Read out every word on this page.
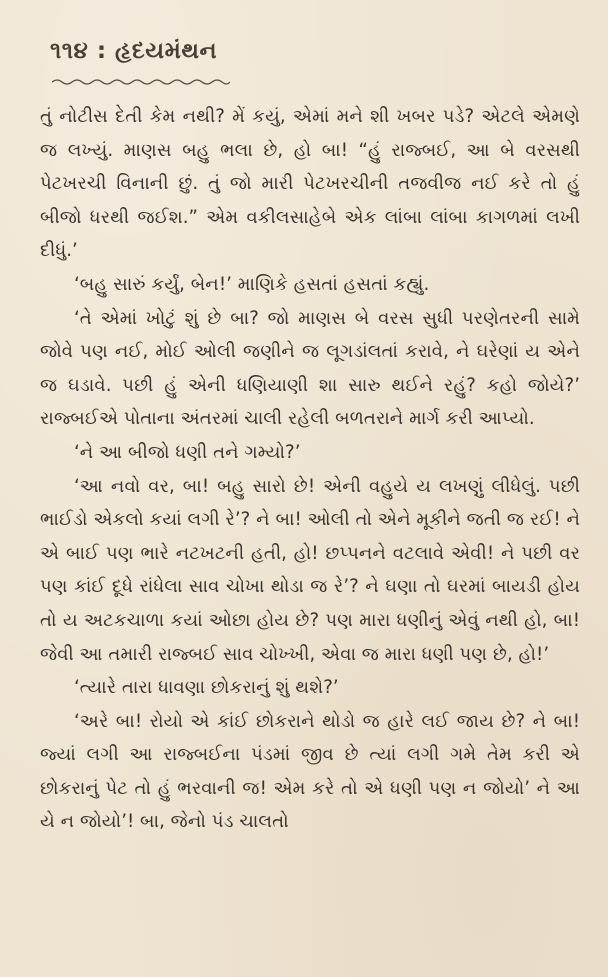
૧૧૪ : હૃદયમંથન

તું નોટીસ દેતી કેમ નથી? મેં કયું, એમાં મને શી ખબર પડે? એટલે એમણે જ લખ્યું. માણસ બહુ ભલા છે, હો બા! “હું રાજ્બઈ, આ બે વરસથી પેટખરચી વિનાની છું. તું જો મારી પેટખરચીની તજવીજ નઈ કરે તો હું બીજો ધરથી જઈશ.” એમ વકીલસાહેબે એક લાંબા લાંબા કાગળમાં લખી દીધું.’

‘બહુ સારું કર્યું, બેન!’ માણિકે હસતાં હસતાં કહ્યું.

‘તે એમાં ખોટું શું છે બા? જો માણસ બે વરસ સુધી પરણેતરની સામે જોવે પણ નઈ, મોઈ ઓલી જણીને જ લૂગડાંલતાં કરાવે, ને ઘરેણાં ય એને જ ઘડાવે. પછી હું એની ધણિયાણી શા સારુ થઈને રહું? કહો જોયે?’ રાજ્બઈએ પોતાના અંતરમાં ચાલી રહેલી બળતરાને માર્ગ કરી આપ્યો.

‘ને આ બીજો ધણી તને ગમ્યો?’

‘આ નવો વર, બા! બહુ સારો છે! એની વહુયે ય લખણું લીધેલું. પછી ભાઈડો એકલો કયાં લગી રે’? ને બા! ઓલી તો એને મૂકીને જતી જ રઈ! ને એ બાઈ પણ ભારે નટખટની હતી, હો! છપ્પનને વટલાવે એવી! ને પછી વર પણ કાંઈ દૂધે રાંધેલા સાવ ચોખા થોડા જ રે’? ને ઘણા તો ઘરમાં બાયડી હોય તો ય અટકચાળા કયાં ઓછા હોય છે? પણ મારા ધણીનું એવું નથી હો, બા! જેવી આ તમારી રાજ્બઈ સાવ ચોખ્ખી, એવા જ મારા ધણી પણ છે, હો!’

‘ત્યારે તારા ધાવણા છોકરાનું શું થશે?’

‘અરે બા! રોયો એ કાંઈ છોકરાને થોડો જ હારે લઈ જાય છે? ને બા! જ્યાં લગી આ રાજ્બઈના પંડમાં જીવ છે ત્યાં લગી ગમે તેમ કરી એ છોકરાનું પેટ તો હું ભરવાની જ! એમ કરે તો એ ધણી પણ ન જોયો’ ને આ યે ન જોયો’! બા, જેનો પંડ ચાલતો
